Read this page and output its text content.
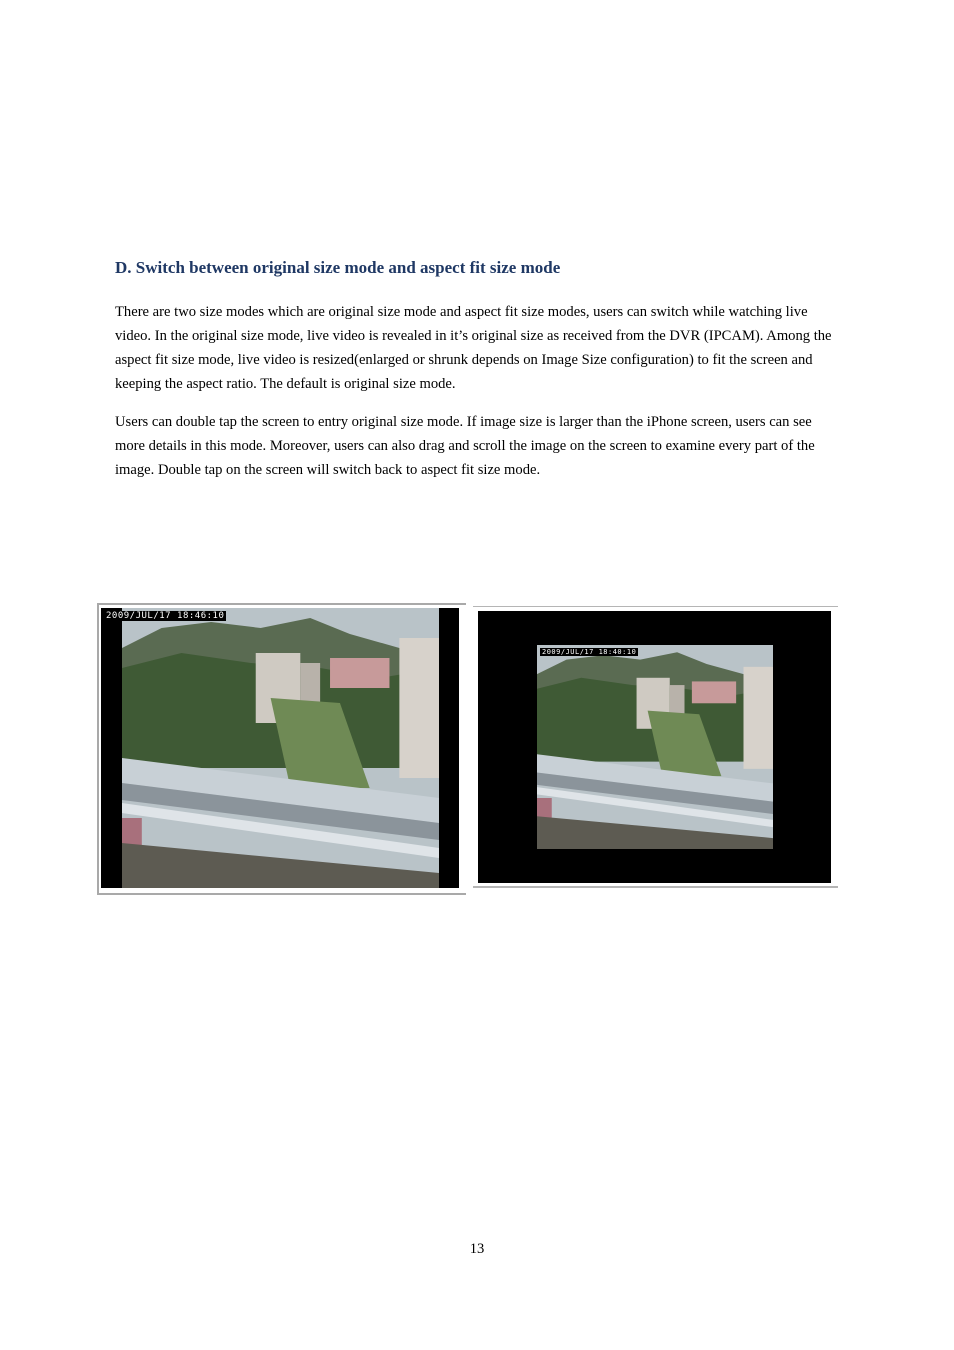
D. Switch between original size mode and aspect fit size mode

There are two size modes which are original size mode and aspect fit size modes, users can switch while watching live video. In the original size mode, live video is revealed in it’s original size as received from the DVR (IPCAM). Among the aspect fit size mode, live video is resized(enlarged or shrunk depends on Image Size configuration) to fit the screen and keeping the aspect ratio. The default is original size mode.

Users can double tap the screen to entry original size mode. If image size is larger than the iPhone screen, users can see more details in this mode. Moreover, users can also drag and scroll the image on the screen to examine every part of the image. Double tap on the screen will switch back to aspect fit size mode.

2009/JUL/17 18:46:10
2009/JUL/17 18:40:10
13
